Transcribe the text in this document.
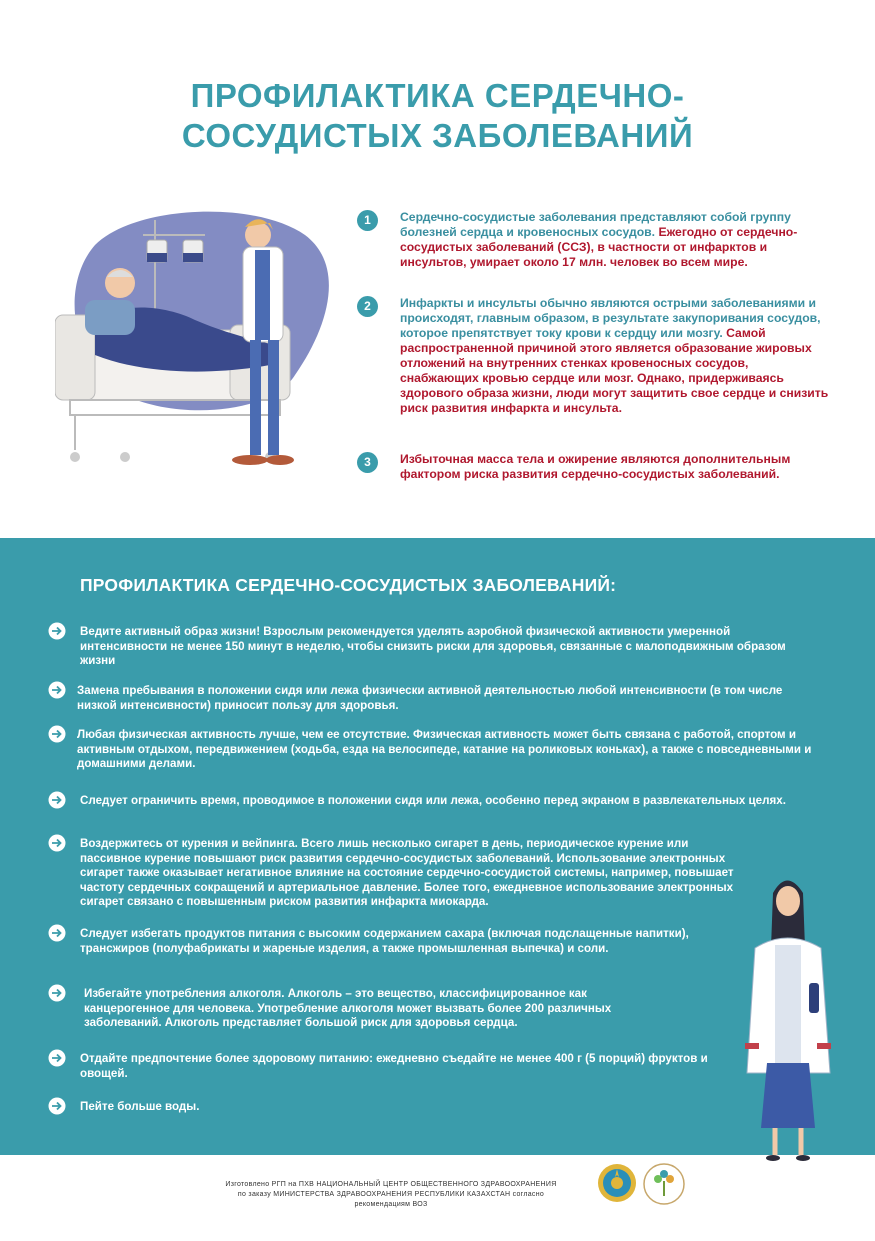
ПРОФИЛАКТИКА СЕРДЕЧНО-
СОСУДИСТЫХ ЗАБОЛЕВАНИЙ
1	Сердечно-сосудистые заболевания представляют собой группу болезней сердца и кровеносных сосудов. Ежегодно от сердечно-сосудистых заболеваний (ССЗ), в частности от инфарктов и инсультов, умирает около 17 млн. человек во всем мире.
2	Инфаркты и инсульты обычно являются острыми заболеваниями и происходят, главным образом, в результате закупоривания сосудов, которое препятствует току крови к сердцу или мозгу. Самой распространенной причиной этого является образование жировых отложений на внутренних стенках кровеносных сосудов, снабжающих кровью сердце или мозг. Однако, придерживаясь здорового образа жизни, люди могут защитить свое сердце и снизить риск развития инфаркта и инсульта.
3	Избыточная масса тела и ожирение являются дополнительным фактором риска развития сердечно-сосудистых заболеваний.
ПРОФИЛАКТИКА СЕРДЕЧНО-СОСУДИСТЫХ ЗАБОЛЕВАНИЙ:
Ведите активный образ жизни! Взрослым рекомендуется уделять аэробной физической активности умеренной интенсивности не менее 150 минут в неделю, чтобы снизить риски для здоровья, связанные с малоподвижным образом жизни
Замена пребывания в положении сидя или лежа физически активной деятельностью любой интенсивности (в том числе низкой интенсивности) приносит пользу для здоровья.
Любая физическая активность лучше, чем ее отсутствие. Физическая активность может быть связана с работой, спортом и активным отдыхом, передвижением (ходьба, езда на велосипеде, катание на роликовых коньках), а также с повседневными и домашними делами.
Следует ограничить время, проводимое в положении сидя или лежа, особенно перед экраном в развлекательных целях.
Воздержитесь от курения и вейпинга. Всего лишь несколько сигарет в день, периодическое курение или пассивное курение повышают риск развития сердечно-сосудистых заболеваний. Использование электронных сигарет также оказывает негативное влияние на состояние сердечно-сосудистой системы, например, повышает частоту сердечных сокращений и артериальное давление. Более того, ежедневное использование электронных сигарет связано с повышенным риском развития инфаркта миокарда.
Следует избегать продуктов питания с высоким содержанием сахара (включая подслащенные напитки), трансжиров (полуфабрикаты и жареные изделия, а также промышленная выпечка) и соли.
Избегайте употребления алкоголя. Алкоголь – это вещество, классифицированное как канцерогенное для человека. Употребление алкоголя может вызвать более 200 различных заболеваний. Алкоголь представляет большой риск для здоровья сердца.
Отдайте предпочтение более здоровому питанию: ежедневно съедайте не менее 400 г (5 порций) фруктов и овощей.
Пейте больше воды.
Изготовлено РГП на ПХВ НАЦИОНАЛЬНЫЙ ЦЕНТР ОБЩЕСТВЕННОГО ЗДРАВООХРАНЕНИЯ
по заказу МИНИСТЕРСТВА ЗДРАВООХРАНЕНИЯ РЕСПУБЛИКИ КАЗАХСТАН согласно
рекомендациям ВОЗ
